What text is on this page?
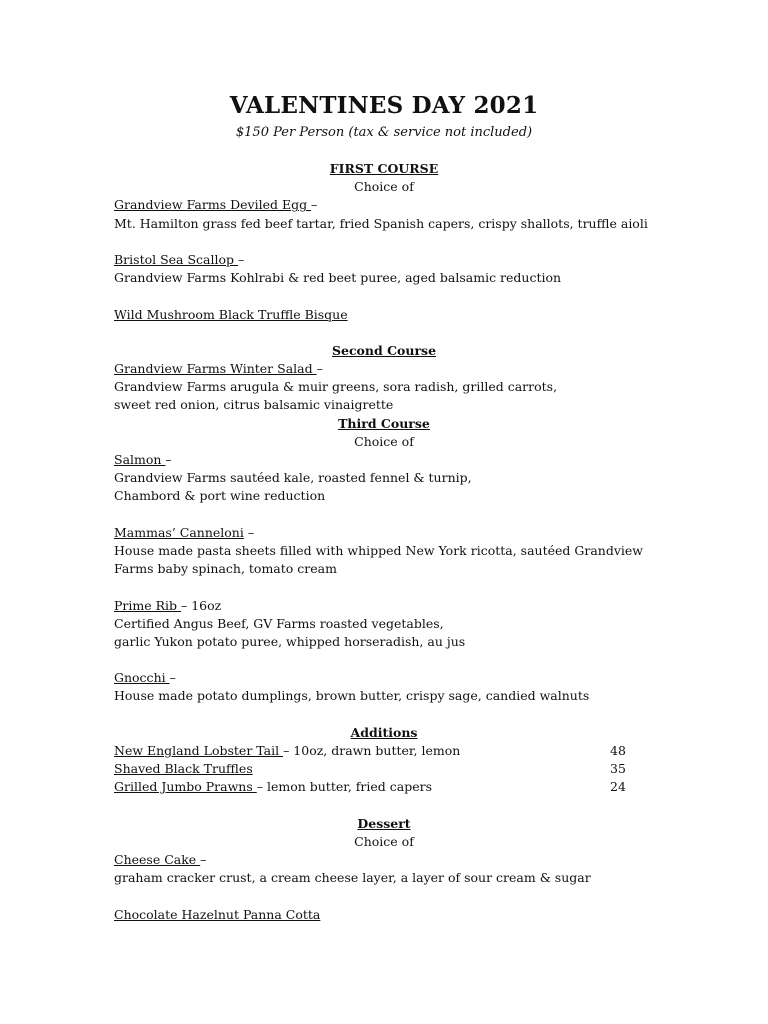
VALENTINES DAY 2021
$150 Per Person (tax & service not included)
FIRST COURSE
Choice of
Grandview Farms Deviled Egg –
Mt. Hamilton grass fed beef tartar, fried Spanish capers, crispy shallots, truffle aioli
Bristol Sea Scallop –
Grandview Farms Kohlrabi & red beet puree, aged balsamic reduction
Wild Mushroom Black Truffle Bisque
Second Course
Grandview Farms Winter Salad –
Grandview Farms arugula & muir greens, sora radish, grilled carrots,
sweet red onion, citrus balsamic vinaigrette
Third Course
Choice of
Salmon –
Grandview Farms sautéed kale, roasted fennel & turnip,
Chambord & port wine reduction
Mammas’ Canneloni –
House made pasta sheets filled with whipped New York ricotta, sautéed Grandview
Farms baby spinach, tomato cream
Prime Rib – 16oz
Certified Angus Beef, GV Farms roasted vegetables,
garlic Yukon potato puree, whipped horseradish, au jus
Gnocchi –
House made potato dumplings, brown butter, crispy sage, candied walnuts
Additions
New England Lobster Tail – 10oz, drawn butter, lemon	48
Shaved Black Truffles	35
Grilled Jumbo Prawns – lemon butter, fried capers	24
Dessert
Choice of
Cheese Cake –
graham cracker crust, a cream cheese layer, a layer of sour cream & sugar
Chocolate Hazelnut Panna Cotta
